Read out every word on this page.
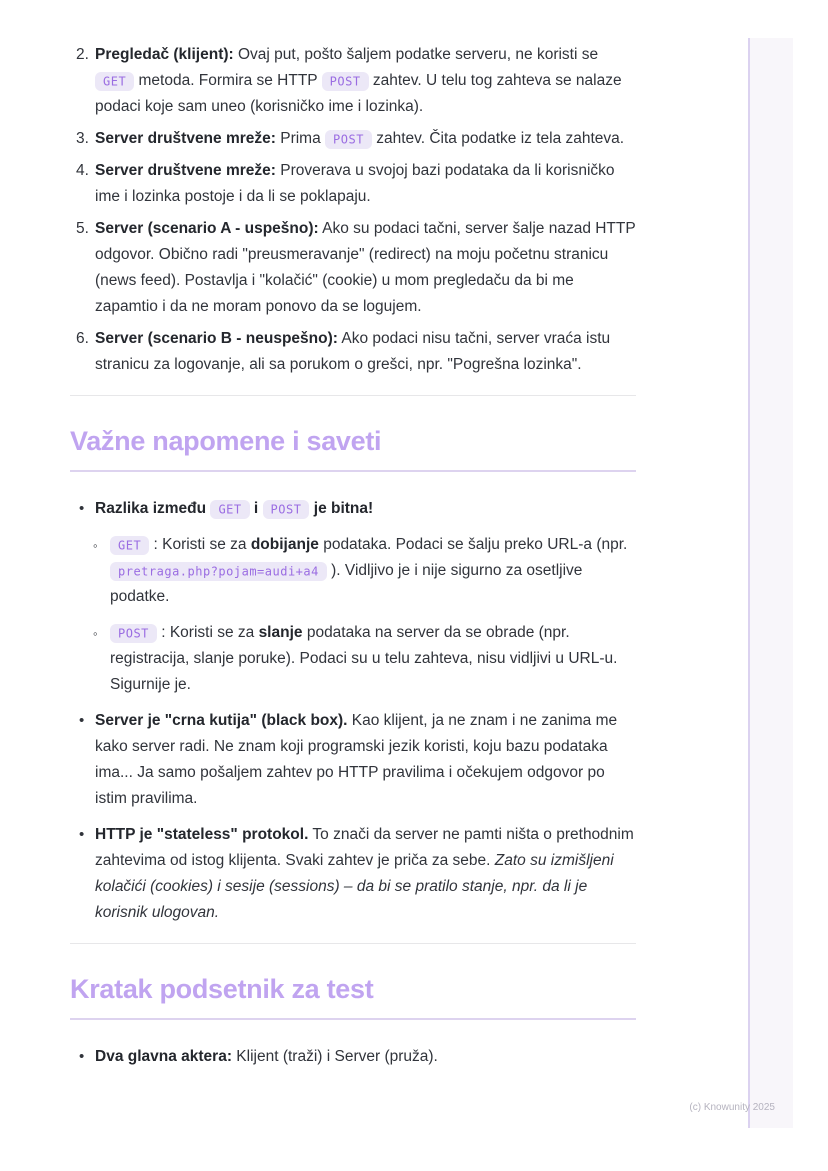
2. Pregledač (klijent): Ovaj put, pošto šaljem podatke serveru, ne koristi se GET metoda. Formira se HTTP POST zahtev. U telu tog zahteva se nalaze podaci koje sam uneo (korisničko ime i lozinka).
3. Server društvene mreže: Prima POST zahtev. Čita podatke iz tela zahteva.
4. Server društvene mreže: Proverava u svojoj bazi podataka da li korisničko ime i lozinka postoje i da li se poklapaju.
5. Server (scenario A - uspešno): Ako su podaci tačni, server šalje nazad HTTP odgovor. Obično radi "preusmeravanje" (redirect) na moju početnu stranicu (news feed). Postavlja i "kolačić" (cookie) u mom pregledaču da bi me zapamtio i da ne moram ponovo da se logujem.
6. Server (scenario B - neuspešno): Ako podaci nisu tačni, server vraća istu stranicu za logovanje, ali sa porukom o grešci, npr. "Pogrešna lozinka".
Važne napomene i saveti
• Razlika između GET i POST je bitna!
◦ GET : Koristi se za dobijanje podataka. Podaci se šalju preko URL-a (npr. pretraga.php?pojam=audi+a4 ). Vidljivo je i nije sigurno za osetljive podatke.
◦ POST : Koristi se za slanje podataka na server da se obrade (npr. registracija, slanje poruke). Podaci su u telu zahteva, nisu vidljivi u URL-u. Sigurnije je.
• Server je "crna kutija" (black box). Kao klijent, ja ne znam i ne zanima me kako server radi. Ne znam koji programski jezik koristi, koju bazu podataka ima... Ja samo pošaljem zahtev po HTTP pravilima i očekujem odgovor po istim pravilima.
• HTTP je "stateless" protokol. To znači da server ne pamti ništa o prethodnim zahtevima od istog klijenta. Svaki zahtev je priča za sebe. Zato su izmišljeni kolačići (cookies) i sesije (sessions) – da bi se pratilo stanje, npr. da li je korisnik ulogovan.
Kratak podsetnik za test
• Dva glavna aktera: Klijent (traži) i Server (pruža).
(c) Knowunity 2025
